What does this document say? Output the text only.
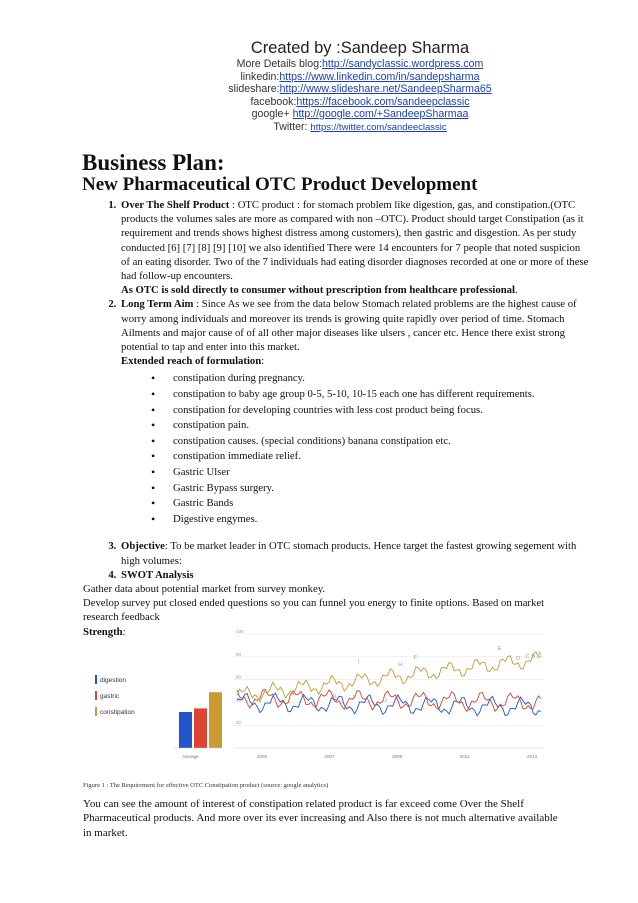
Created by :Sandeep Sharma
More Details blog:http://sandyclassic.wordpress.com
linkedin:https://www.linkedin.com/in/sandepsharma
slideshare:http://www.slideshare.net/SandeepSharma65
facebook:https://facebook.com/sandeepclassic
google+ http://google.com/+SandeepSharmaa
Twitter: https://twitter.com/sandeeclassic
Business Plan:
New Pharmaceutical OTC Product Development
1. Over The Shelf Product : OTC product : for stomach problem like digestion, gas, and constipation.(OTC products the volumes sales are more as compared with non –OTC). Product should target Constipation (as it requirement and trends shows highest distress among customers), then gastric and disgestion. As per study conducted [6] [7] [8] [9] [10] we also identified There were 14 encounters for 7 people that noted suspicion of an eating disorder. Two of the 7 individuals had eating disorder diagnoses recorded at one or more of these had follow-up encounters.
As OTC is sold directly to consumer without prescription from healthcare professional.
2. Long Term Aim : Since As we see from the data below Stomach related problems are the highest cause of worry among individuals and moreover its trends is growing quite rapidly over period of time. Stomach Ailments and major cause of of all other major diseases like ulsers , cancer etc. Hence there exist strong potential to tap and enter into this market.
Extended reach of formulation:
• constipation during pregnancy.
• constipation to baby age group 0-5, 5-10, 10-15 each one has different requirements.
• constipation for developing countries with less cost product being focus.
• constipation pain.
• constipation causes. (special conditions) banana constipation etc.
• constipation immediate relief.
• Gastric Ulser
• Gastric Bypass surgery.
• Gastric Bands
• Digestive engymes.
3. Objective: To be market leader in OTC stomach products. Hence target the fastest growing segement with high volumes:
4. SWOT Analysis
Gather data about potential market from survey monkey.
Develop survey put closed ended questions so you can funnel you energy to finite options. Based on market research feedback
Strength:
digestion
gastric
constipation
Average
20
40
60
80
100
2005	2007	2009	2011	2013
F
I
K	J
H
G
E
D C B A
Figure 1 : The Requirement for effective OTC Constipation product (source: google analytics)
You can see the amount of interest of constipation related product is far exceed come Over the Shelf Pharmaceutical products. And more over its ever increasing and Also there is not much alternative available in market.
